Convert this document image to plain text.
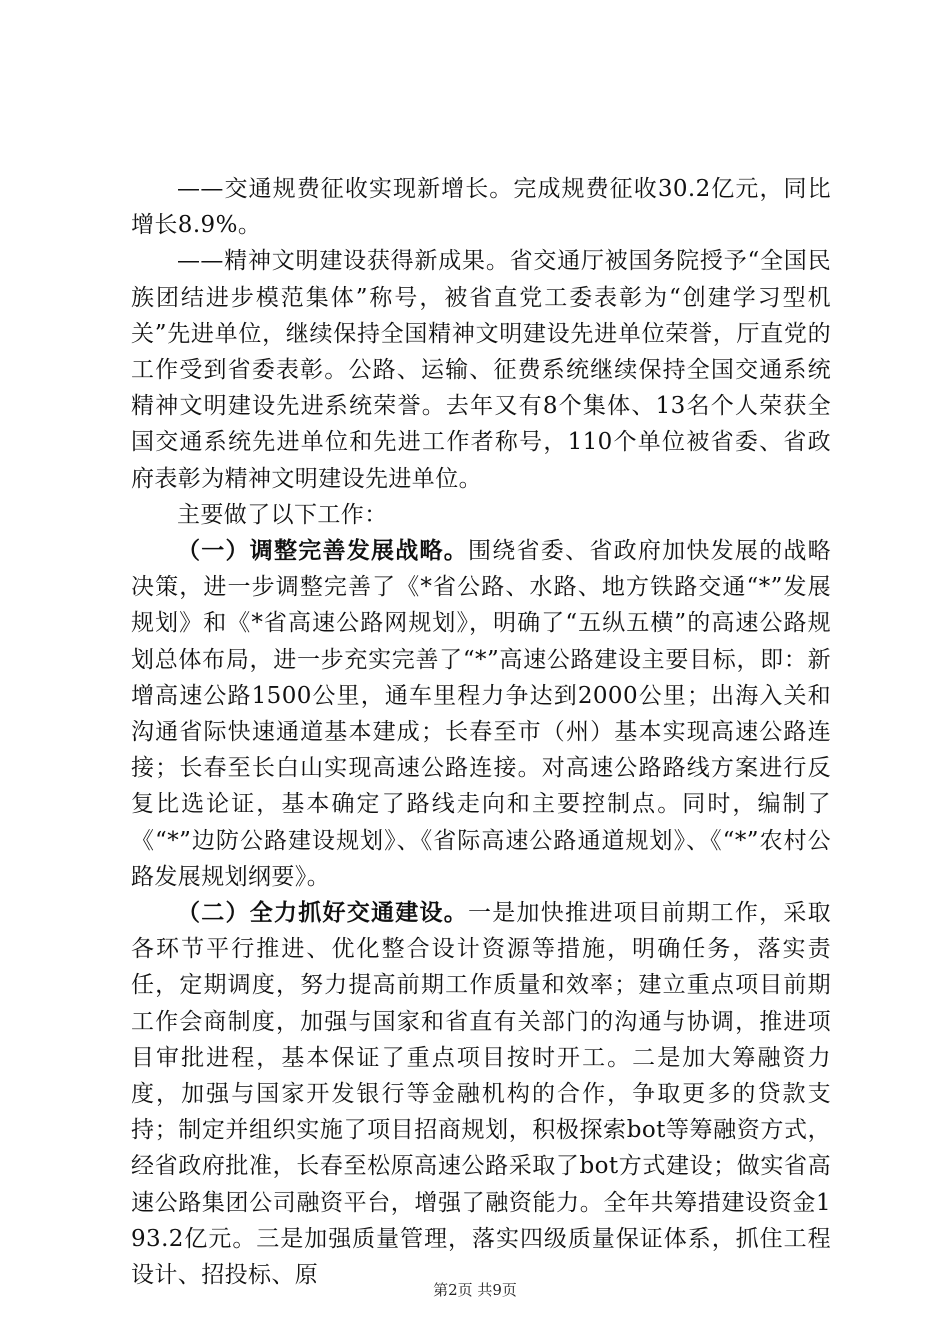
——交通规费征收实现新增长。完成规费征收30.2亿元，同比增长8.9%。

——精神文明建设获得新成果。省交通厅被国务院授予“全国民族团结进步模范集体”称号，被省直党工委表彰为“创建学习型机关”先进单位，继续保持全国精神文明建设先进单位荣誉，厅直党的工作受到省委表彰。公路、运输、征费系统继续保持全国交通系统精神文明建设先进系统荣誉。去年又有8个集体、13名个人荣获全国交通系统先进单位和先进工作者称号，110个单位被省委、省政府表彰为精神文明建设先进单位。

主要做了以下工作：

（一）调整完善发展战略。围绕省委、省政府加快发展的战略决策，进一步调整完善了《*省公路、水路、地方铁路交通“*”发展规划》和《*省高速公路网规划》，明确了“五纵五横”的高速公路规划总体布局，进一步充实完善了“*”高速公路建设主要目标，即：新增高速公路1500公里，通车里程力争达到2000公里；出海入关和沟通省际快速通道基本建成；长春至市（州）基本实现高速公路连接；长春至长白山实现高速公路连接。对高速公路路线方案进行反复比选论证，基本确定了路线走向和主要控制点。同时，编制了《“*”边防公路建设规划》、《省际高速公路通道规划》、《“*”农村公路发展规划纲要》。

（二）全力抓好交通建设。一是加快推进项目前期工作，采取各环节平行推进、优化整合设计资源等措施，明确任务，落实责任，定期调度，努力提高前期工作质量和效率；建立重点项目前期工作会商制度，加强与国家和省直有关部门的沟通与协调，推进项目审批进程，基本保证了重点项目按时开工。二是加大筹融资力度，加强与国家开发银行等金融机构的合作，争取更多的贷款支持；制定并组织实施了项目招商规划，积极探索bot等筹融资方式，经省政府批准，长春至松原高速公路采取了bot方式建设；做实省高速公路集团公司融资平台，增强了融资能力。全年共筹措建设资金193.2亿元。三是加强质量管理，落实四级质量保证体系，抓住工程设计、招投标、原

第2页 共9页
